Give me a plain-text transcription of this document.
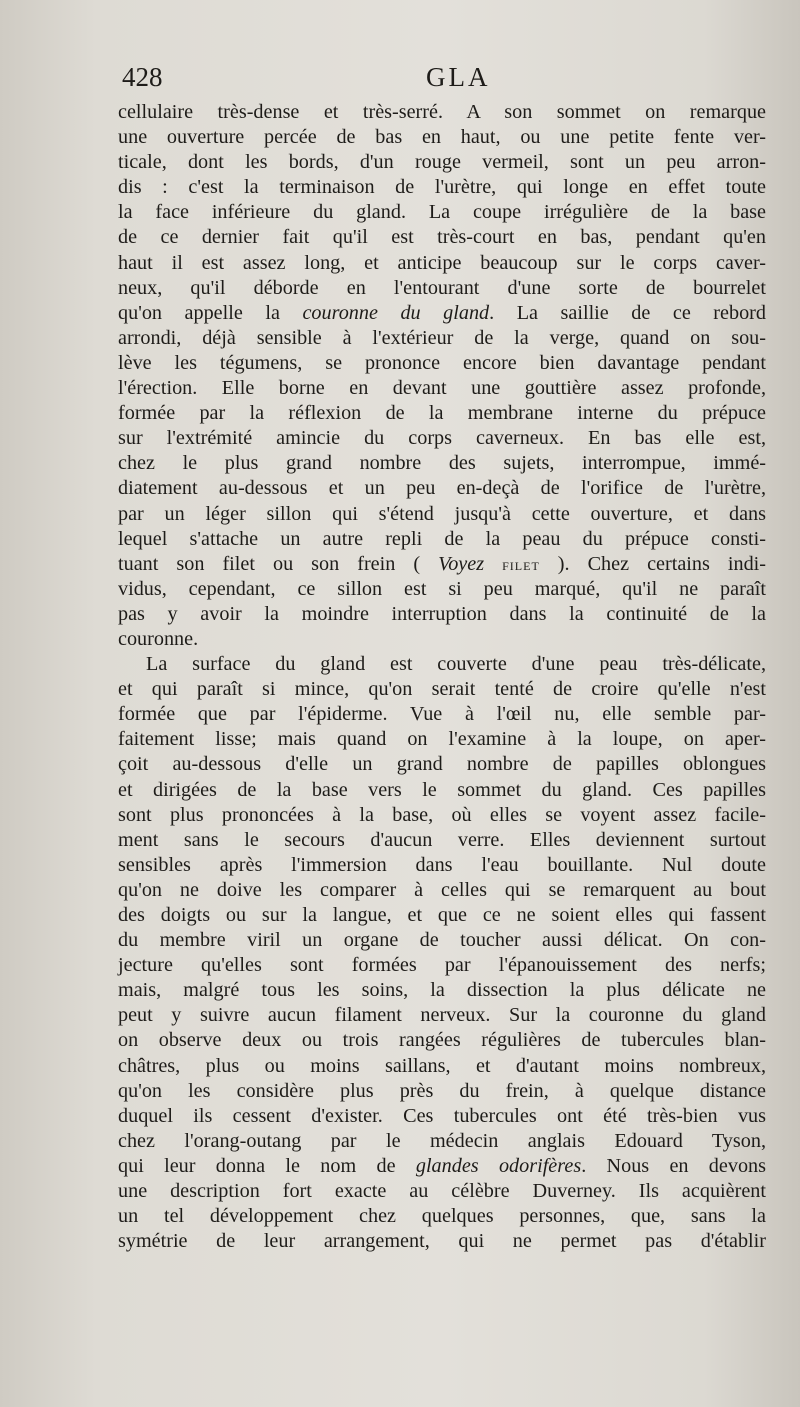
428	GLA
cellulaire très-dense et très-serré. A son sommet on remarque
une ouverture percée de bas en haut, ou une petite fente ver-
ticale, dont les bords, d'un rouge vermeil, sont un peu arron-
dis : c'est la terminaison de l'urètre, qui longe en effet toute
la face inférieure du gland. La coupe irrégulière de la base
de ce dernier fait qu'il est très-court en bas, pendant qu'en
haut il est assez long, et anticipe beaucoup sur le corps caver-
neux, qu'il déborde en l'entourant d'une sorte de bourrelet
qu'on appelle la couronne du gland. La saillie de ce rebord
arrondi, déjà sensible à l'extérieur de la verge, quand on sou-
lève les tégumens, se prononce encore bien davantage pendant
l'érection. Elle borne en devant une gouttière assez profonde,
formée par la réflexion de la membrane interne du prépuce
sur l'extrémité amincie du corps caverneux. En bas elle est,
chez le plus grand nombre des sujets, interrompue, immé-
diatement au-dessous et un peu en-deçà de l'orifice de l'urètre,
par un léger sillon qui s'étend jusqu'à cette ouverture, et dans
lequel s'attache un autre repli de la peau du prépuce consti-
tuant son filet ou son frein ( Voyez filet ). Chez certains indi-
vidus, cependant, ce sillon est si peu marqué, qu'il ne paraît
pas y avoir la moindre interruption dans la continuité de la
couronne.
La surface du gland est couverte d'une peau très-délicate,
et qui paraît si mince, qu'on serait tenté de croire qu'elle n'est
formée que par l'épiderme. Vue à l'œil nu, elle semble par-
faitement lisse; mais quand on l'examine à la loupe, on aper-
çoit au-dessous d'elle un grand nombre de papilles oblongues
et dirigées de la base vers le sommet du gland. Ces papilles
sont plus prononcées à la base, où elles se voyent assez facile-
ment sans le secours d'aucun verre. Elles deviennent surtout
sensibles après l'immersion dans l'eau bouillante. Nul doute
qu'on ne doive les comparer à celles qui se remarquent au bout
des doigts ou sur la langue, et que ce ne soient elles qui fassent
du membre viril un organe de toucher aussi délicat. On con-
jecture qu'elles sont formées par l'épanouissement des nerfs;
mais, malgré tous les soins, la dissection la plus délicate ne
peut y suivre aucun filament nerveux. Sur la couronne du gland
on observe deux ou trois rangées régulières de tubercules blan-
châtres, plus ou moins saillans, et d'autant moins nombreux,
qu'on les considère plus près du frein, à quelque distance
duquel ils cessent d'exister. Ces tubercules ont été très-bien vus
chez l'orang-outang par le médecin anglais Edouard Tyson,
qui leur donna le nom de glandes odorifères. Nous en devons
une description fort exacte au célèbre Duverney. Ils acquièrent
un tel développement chez quelques personnes, que, sans la
symétrie de leur arrangement, qui ne permet pas d'établir
